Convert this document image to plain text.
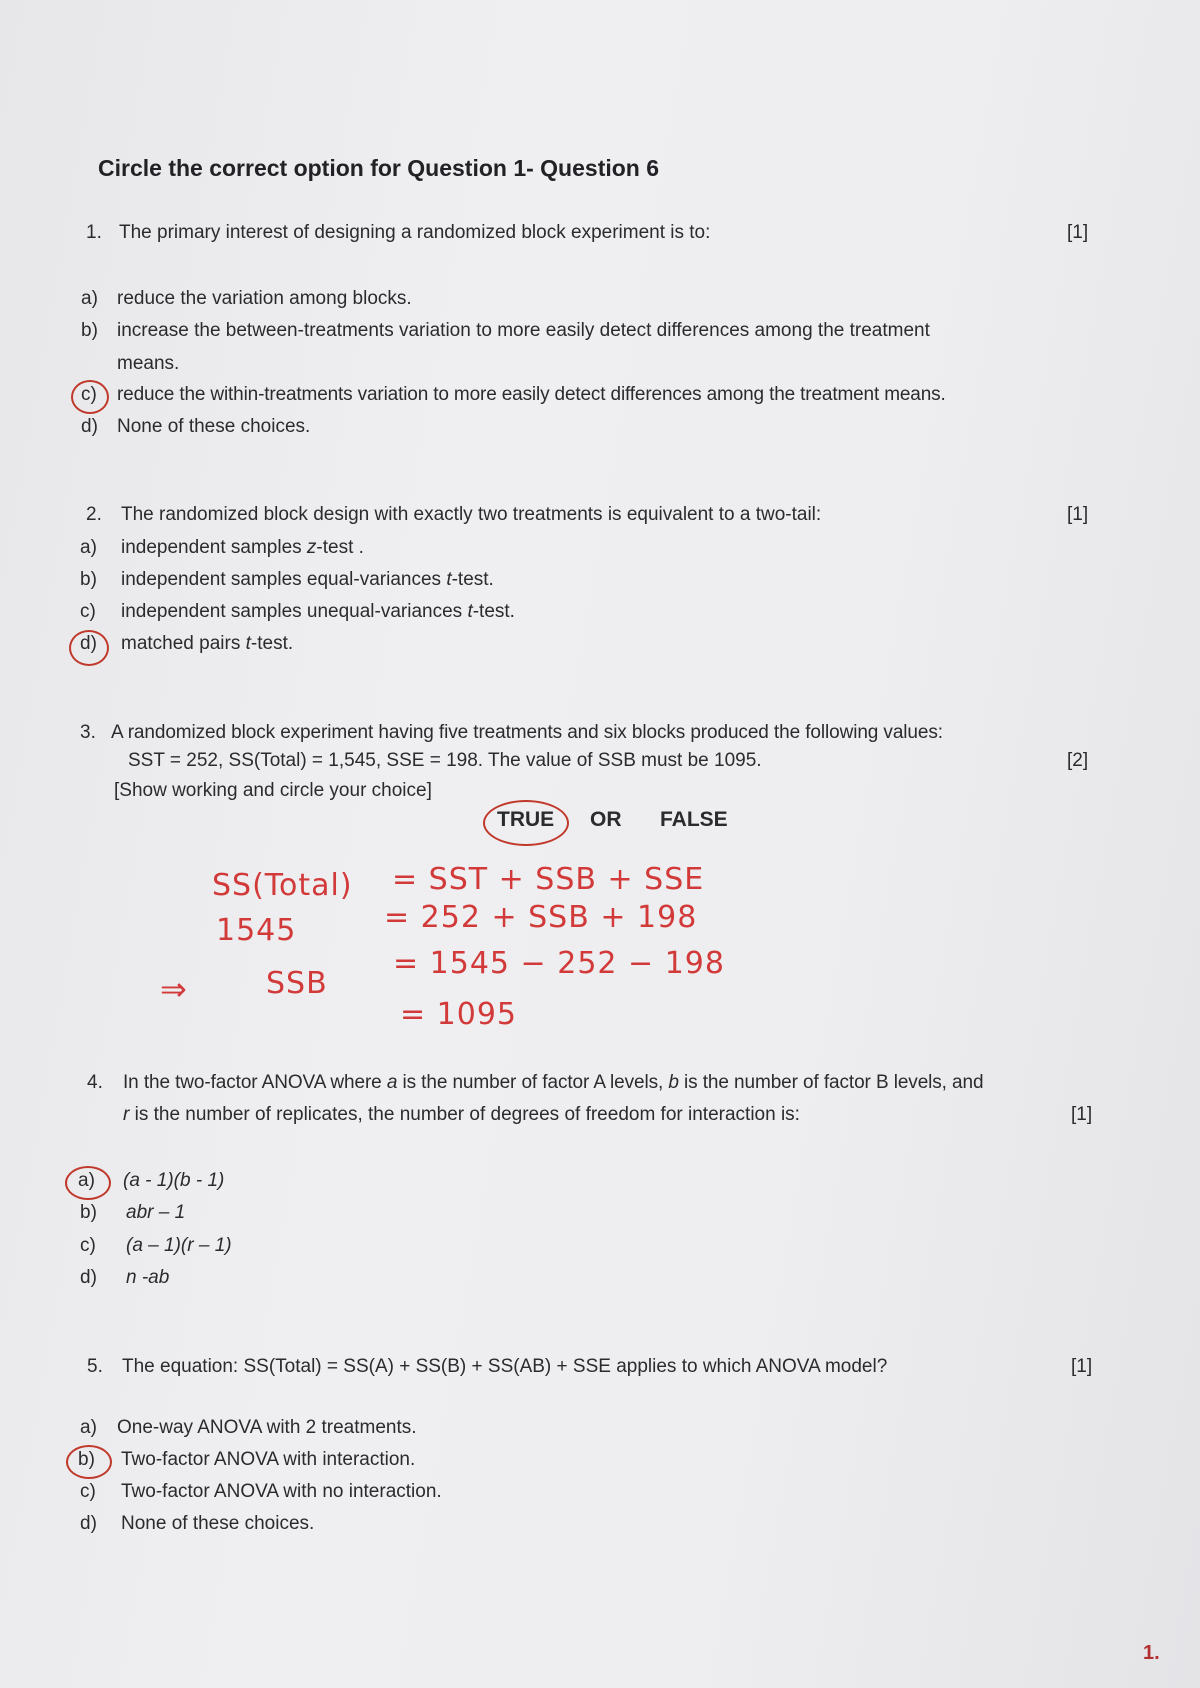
Circle the correct option for Question 1- Question 6
1. The primary interest of designing a randomized block experiment is to:	[1]
a) reduce the variation among blocks.
b) increase the between-treatments variation to more easily detect differences among the treatment
means.
c) reduce the within-treatments variation to more easily detect differences among the treatment means.
d) None of these choices.
2. The randomized block design with exactly two treatments is equivalent to a two-tail:	[1]
a) independent samples z-test .
b) independent samples equal-variances t-test.
c) independent samples unequal-variances t-test.
d) matched pairs t-test.
3. A randomized block experiment having five treatments and six blocks produced the following values:
SST = 252, SS(Total) = 1,545, SSE = 198. The value of SSB must be 1095.	[2]
[Show working and circle your choice]
TRUE OR FALSE
SS(Total) = SST + SSB + SSE
1545	= 252 + SSB + 198
⇒	SSB
= 1545 − 252 − 198
= 1095
4. In the two-factor ANOVA where a is the number of factor A levels, b is the number of factor B levels, and
r is the number of replicates, the number of degrees of freedom for interaction is:	[1]
a) (a - 1)(b - 1)
b) abr – 1
c) (a – 1)(r – 1)
d) n -ab
5. The equation: SS(Total) = SS(A) + SS(B) + SS(AB) + SSE applies to which ANOVA model?	[1]
a) One-way ANOVA with 2 treatments.
b) Two-factor ANOVA with interaction.
c) Two-factor ANOVA with no interaction.
d) None of these choices.
1.
